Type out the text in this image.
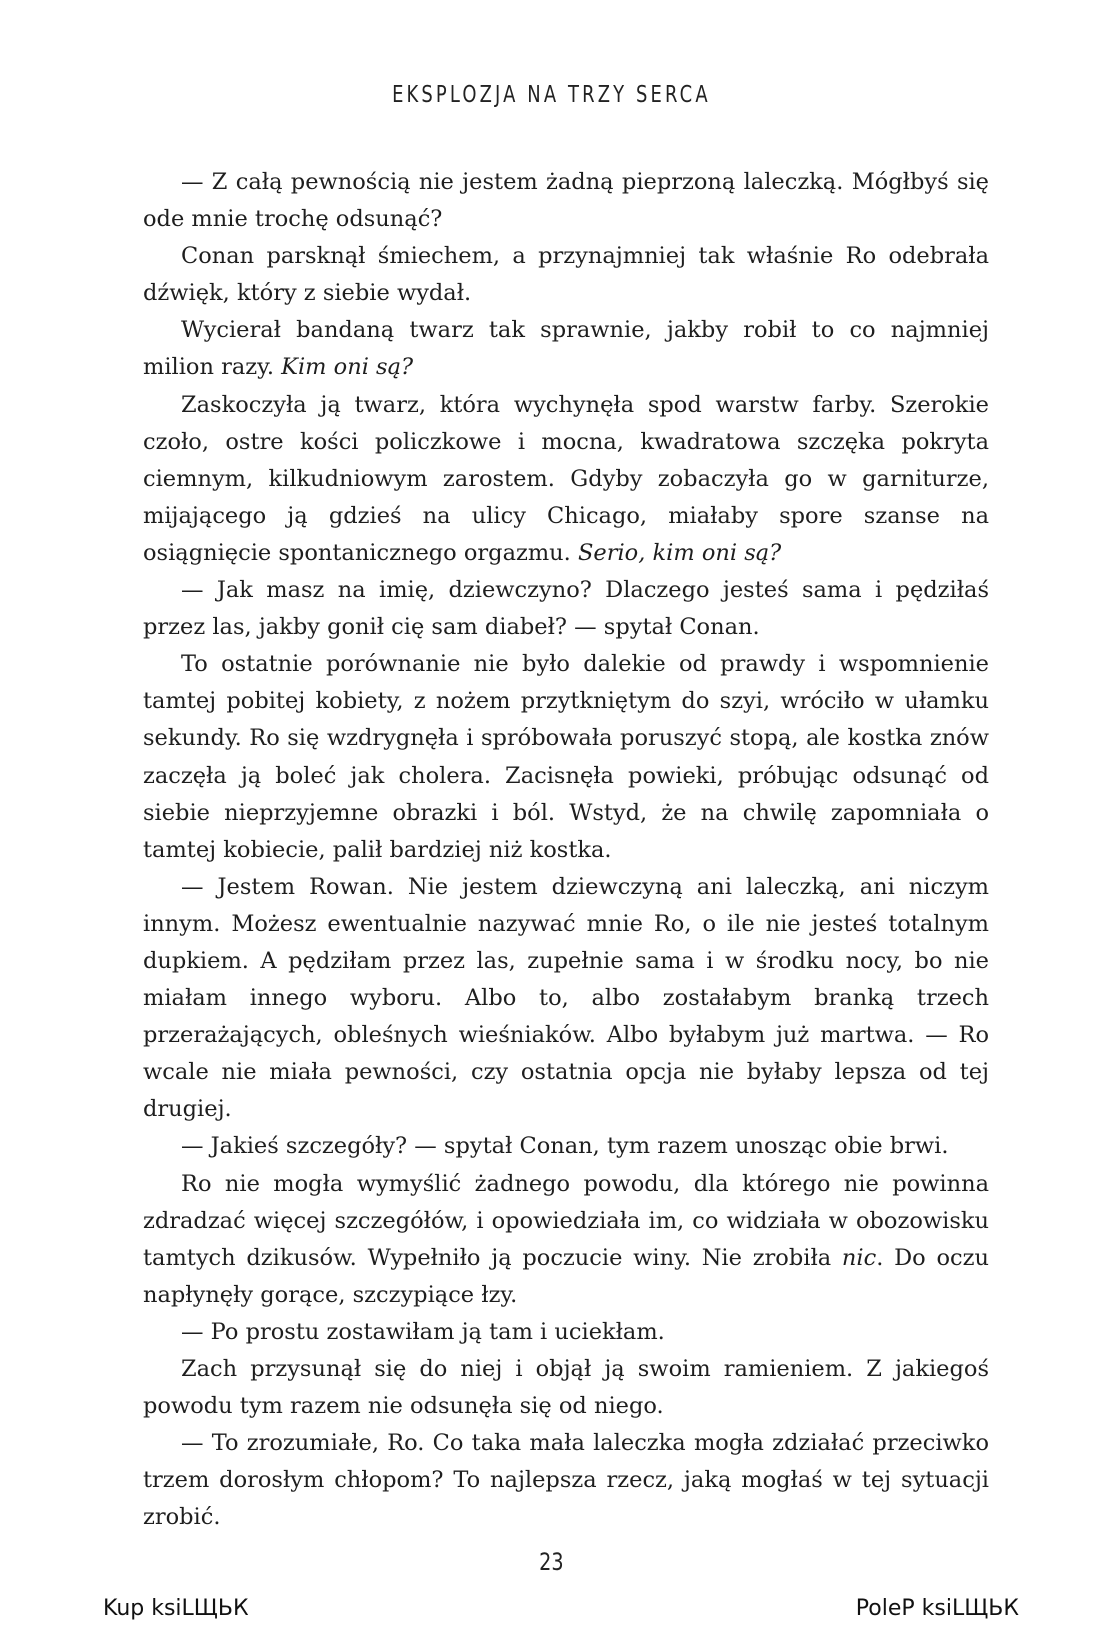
EKSPLOZJA NA TRZY SERCA

— Z całą pewnością nie jestem żadną pieprzoną laleczką. Mógłbyś się ode mnie trochę odsunąć?

Conan parsknął śmiechem, a przynajmniej tak właśnie Ro odebrała dźwięk, który z siebie wydał.

Wycierał bandaną twarz tak sprawnie, jakby robił to co najmniej milion razy. Kim oni są?

Zaskoczyła ją twarz, która wychynęła spod warstw farby. Szerokie czoło, ostre kości policzkowe i mocna, kwadratowa szczęka pokryta ciemnym, kilkudniowym zarostem. Gdyby zobaczyła go w garniturze, mijającego ją gdzieś na ulicy Chicago, miałaby spore szanse na osiągnięcie spontanicznego orgazmu. Serio, kim oni są?

— Jak masz na imię, dziewczyno? Dlaczego jesteś sama i pędziłaś przez las, jakby gonił cię sam diabeł? — spytał Conan.

To ostatnie porównanie nie było dalekie od prawdy i wspomnienie tamtej pobitej kobiety, z nożem przytkniętym do szyi, wróciło w ułamku sekundy. Ro się wzdrygnęła i spróbowała poruszyć stopą, ale kostka znów zaczęła ją boleć jak cholera. Zacisnęła powieki, próbując odsunąć od siebie nieprzyjemne obrazki i ból. Wstyd, że na chwilę zapomniała o tamtej kobiecie, palił bardziej niż kostka.

— Jestem Rowan. Nie jestem dziewczyną ani laleczką, ani niczym innym. Możesz ewentualnie nazywać mnie Ro, o ile nie jesteś totalnym dupkiem. A pędziłam przez las, zupełnie sama i w środku nocy, bo nie miałam innego wyboru. Albo to, albo zostałabym branką trzech przerażających, obleśnych wieśniaków. Albo byłabym już martwa. — Ro wcale nie miała pewności, czy ostatnia opcja nie byłaby lepsza od tej drugiej.

— Jakieś szczegóły? — spytał Conan, tym razem unosząc obie brwi.

Ro nie mogła wymyślić żadnego powodu, dla którego nie powinna zdradzać więcej szczegółów, i opowiedziała im, co widziała w obozowisku tamtych dzikusów. Wypełniło ją poczucie winy. Nie zrobiła nic. Do oczu napłynęły gorące, szczypiące łzy.

— Po prostu zostawiłam ją tam i uciekłam.

Zach przysunął się do niej i objął ją swoim ramieniem. Z jakiegoś powodu tym razem nie odsunęła się od niego.

— To zrozumiałe, Ro. Co taka mała laleczka mogła zdziałać przeciwko trzem dorosłym chłopom? To najlepsza rzecz, jaką mogłaś w tej sytuacji zrobić.

23
Kup ksiLЩЬК	PoleP ksiLЩЬК
